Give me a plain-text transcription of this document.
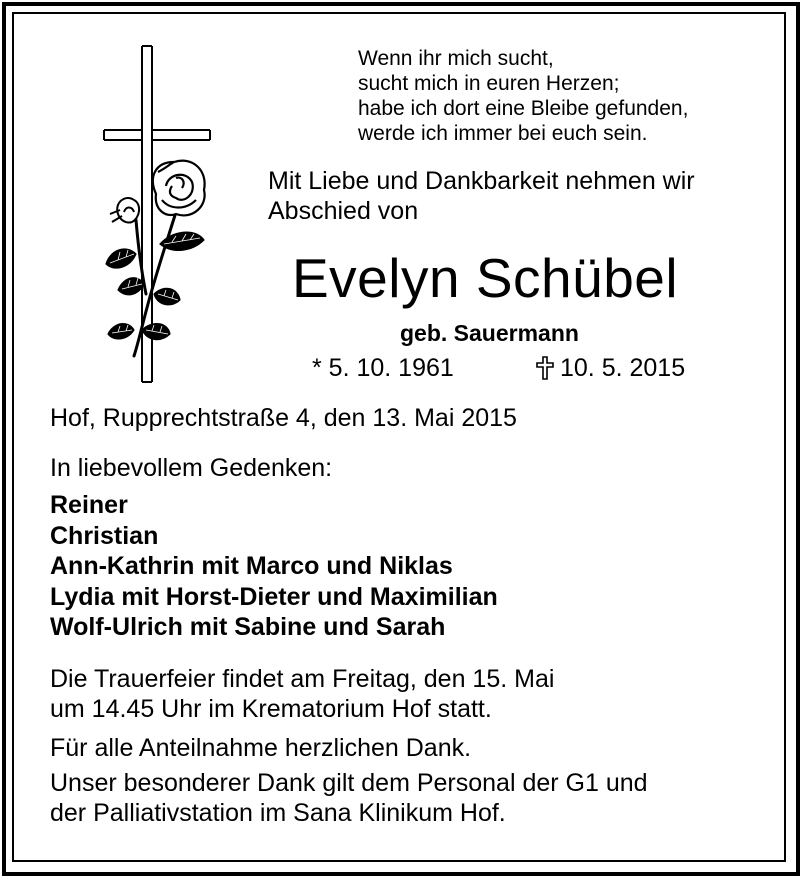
Wenn ihr mich sucht,
sucht mich in euren Herzen;
habe ich dort eine Bleibe gefunden,
werde ich immer bei euch sein.
Mit Liebe und Dankbarkeit nehmen wir
Abschied von
Evelyn Schübel
geb. Sauermann
* 5. 10. 1961	10. 5. 2015
Hof, Rupprechtstraße 4, den 13. Mai 2015
In liebevollem Gedenken:
Reiner
Christian
Ann-Kathrin mit Marco und Niklas
Lydia mit Horst-Dieter und Maximilian
Wolf-Ulrich mit Sabine und Sarah
Die Trauerfeier findet am Freitag, den 15. Mai
um 14.45 Uhr im Krematorium Hof statt.
Für alle Anteilnahme herzlichen Dank.
Unser besonderer Dank gilt dem Personal der G1 und
der Palliativstation im Sana Klinikum Hof.
